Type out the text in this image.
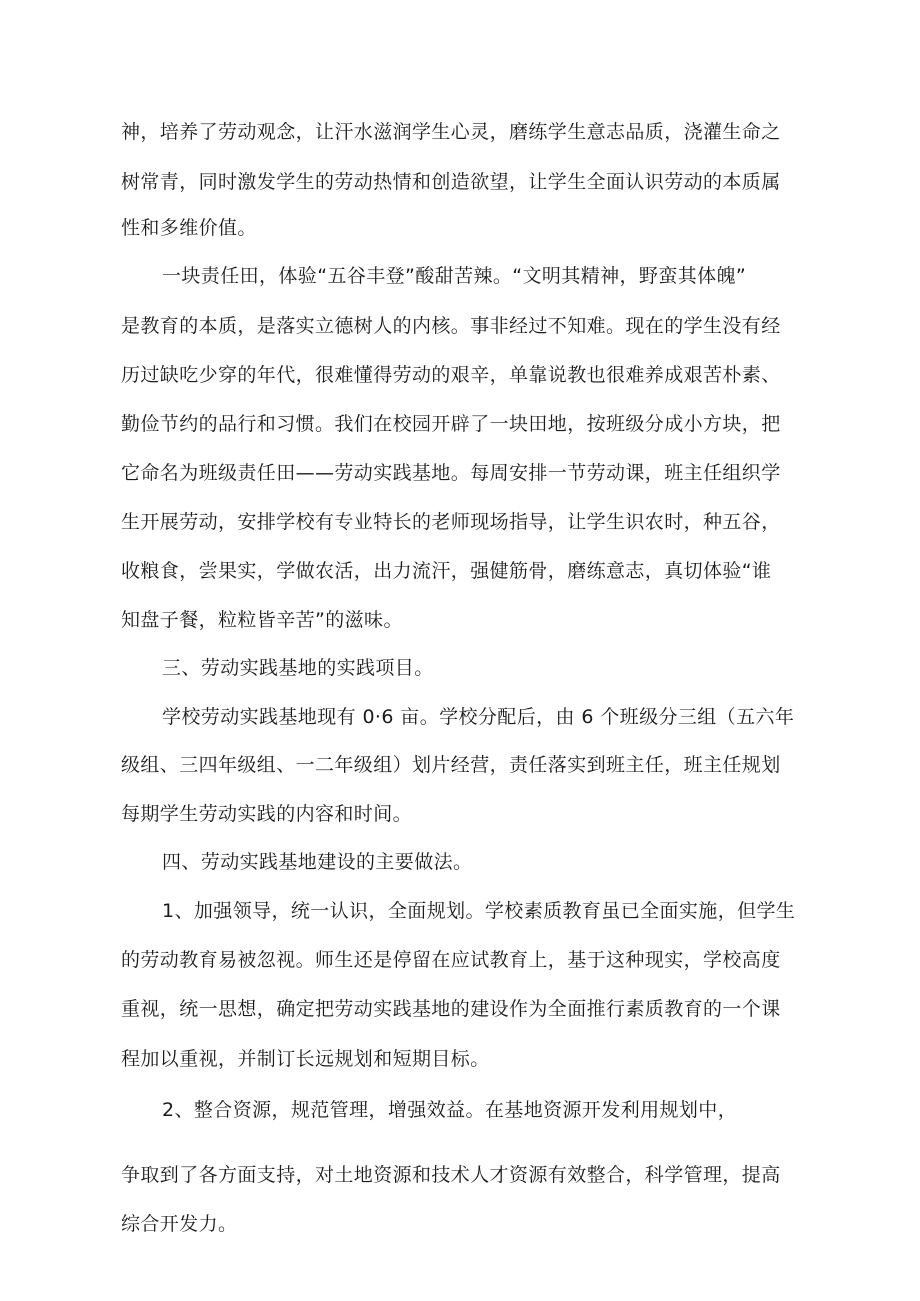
神，培养了劳动观念，让汗水滋润学生心灵，磨练学生意志品质，浇灌生命之

树常青，同时激发学生的劳动热情和创造欲望，让学生全面认识劳动的本质属

性和多维价值。

一块责任田，体验“五谷丰登”酸甜苦辣。“文明其精神，野蛮其体魄”

是教育的本质，是落实立德树人的内核。事非经过不知难。现在的学生没有经

历过缺吃少穿的年代，很难懂得劳动的艰辛，单靠说教也很难养成艰苦朴素、

勤俭节约的品行和习惯。我们在校园开辟了一块田地，按班级分成小方块，把

它命名为班级责任田——劳动实践基地。每周安排一节劳动课，班主任组织学

生开展劳动，安排学校有专业特长的老师现场指导，让学生识农时，种五谷，

收粮食，尝果实，学做农活，出力流汗，强健筋骨，磨练意志，真切体验“谁

知盘子餐，粒粒皆辛苦”的滋味。

三、劳动实践基地的实践项目。

学校劳动实践基地现有 0·6 亩。学校分配后，由 6 个班级分三组（五六年

级组、三四年级组、一二年级组）划片经营，责任落实到班主任，班主任规划

每期学生劳动实践的内容和时间。

四、劳动实践基地建设的主要做法。

1、加强领导，统一认识，全面规划。学校素质教育虽已全面实施，但学生

的劳动教育易被忽视。师生还是停留在应试教育上，基于这种现实，学校高度

重视，统一思想，确定把劳动实践基地的建设作为全面推行素质教育的一个课

程加以重视，并制订长远规划和短期目标。

2、整合资源，规范管理，增强效益。在基地资源开发利用规划中，

争取到了各方面支持，对土地资源和技术人才资源有效整合，科学管理，提高

综合开发力。
